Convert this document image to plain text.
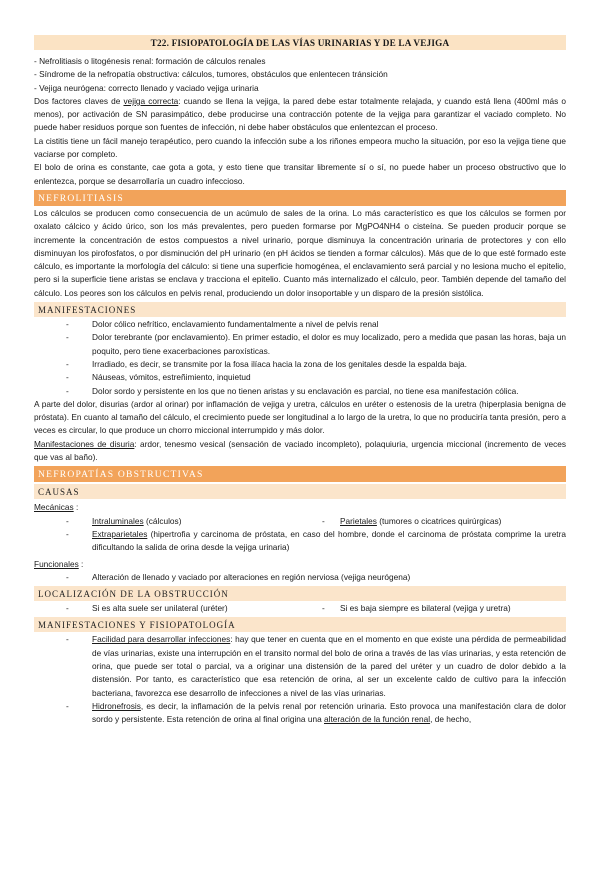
T22. FISIOPATOLOGÍA DE LAS VÍAS URINARIAS Y DE LA VEJIGA
- Nefrolitiasis o litogénesis renal: formación de cálculos renales
- Síndrome de la nefropatía obstructiva: cálculos, tumores, obstáculos que enlentecen tránsición
- Vejiga neurógena: correcto llenado y vaciado vejiga urinaria

Dos factores claves de vejiga correcta: cuando se llena la vejiga, la pared debe estar totalmente relajada, y cuando está llena (400ml más o menos), por activación de SN parasimpático, debe producirse una contracción potente de la vejiga para garantizar el vaciado completo. No puede haber residuos porque son fuentes de infección, ni debe haber obstáculos que enlentezcan el proceso.

La cistitis tiene un fácil manejo terapéutico, pero cuando la infección sube a los riñones empeora mucho la situación, por eso la vejiga tiene que vaciarse por completo.

El bolo de orina es constante, cae gota a gota, y esto tiene que transitar libremente sí o sí, no puede haber un proceso obstructivo que lo enlentezca, porque se desarrollaría un cuadro infeccioso.

NEFROLITIASIS

Los cálculos se producen como consecuencia de un acúmulo de sales de la orina. Lo más característico es que los cálculos se formen por oxalato cálcico y ácido úrico, son los más prevalentes, pero pueden formarse por MgPO4NH4 o cisteína. Se pueden producir porque se incremente la concentración de estos compuestos a nivel urinario, porque disminuya la concentración urinaria de protectores y con ello disminuyan los pirofosfatos, o por disminución del pH urinario (en pH ácidos se tienden a formar cálculos). Más que de lo que esté formado este cálculo, es importante la morfología del cálculo: si tiene una superficie homogénea, el enclavamiento será parcial y no lesiona mucho el epitelio, pero si la superficie tiene aristas se enclava y tracciona el epitelio. Cuanto más internalizado el cálculo, peor. También depende del tamaño del cálculo. Los peores son los cálculos en pelvis renal, produciendo un dolor insoportable y un disparo de la presión sistólica.

MANIFESTACIONES
- Dolor cólico nefrítico, enclavamiento fundamentalmente a nivel de pelvis renal
- Dolor terebrante (por enclavamiento). En primer estadio, el dolor es muy localizado, pero a medida que pasan las horas, baja un poquito, pero tiene exacerbaciones paroxísticas.
- Irradiado, es decir, se transmite por la fosa ilíaca hacia la zona de los genitales desde la espalda baja.
- Náuseas, vómitos, estreñimiento, inquietud
- Dolor sordo y persistente en los que no tienen aristas y su enclavación es parcial, no tiene esa manifestación cólica.

A parte del dolor, disurias (ardor al orinar) por inflamación de vejiga y uretra, cálculos en uréter o estenosis de la uretra (hiperplasia benigna de próstata). En cuanto al tamaño del cálculo, el crecimiento puede ser longitudinal a lo largo de la uretra, lo que no produciría tanta presión, pero a veces es circular, lo que produce un chorro miccional interrumpido y más dolor.

Manifestaciones de disuria: ardor, tenesmo vesical (sensación de vaciado incompleto), polaquiuria, urgencia miccional (incremento de veces que vas al baño).

NEFROPATÍAS OBSTRUCTIVAS
CAUSAS
Mecánicas :
- Intraluminales (cálculos)	- Parietales (tumores o cicatrices quirúrgicas)
- Extraparietales (hipertrofia y carcinoma de próstata, en caso del hombre, donde el carcinoma de próstata comprime la uretra dificultando la salida de orina desde la vejiga urinaria)
Funcionales :
- Alteración de llenado y vaciado por alteraciones en región nerviosa (vejiga neurógena)
LOCALIZACIÓN DE LA OBSTRUCCIÓN
- Si es alta suele ser unilateral (uréter)	- Si es baja siempre es bilateral (vejiga y uretra)
MANIFESTACIONES Y FISIOPATOLOGÍA
- Facilidad para desarrollar infecciones: hay que tener en cuenta que en el momento en que existe una pérdida de permeabilidad de vías urinarias, existe una interrupción en el transito normal del bolo de orina a través de las vías urinarias, y esta retención de orina, que puede ser total o parcial, va a originar una distensión de la pared del uréter y un cuadro de dolor debido a la distensión. Por tanto, es característico que esa retención de orina, al ser un excelente caldo de cultivo para la infección bacteriana, favorezca ese desarrollo de infecciones a nivel de las vías urinarias.
- Hidronefrosis, es decir, la inflamación de la pelvis renal por retención urinaria. Esto provoca una manifestación clara de dolor sordo y persistente. Esta retención de orina al final origina una alteración de la función renal, de hecho,
